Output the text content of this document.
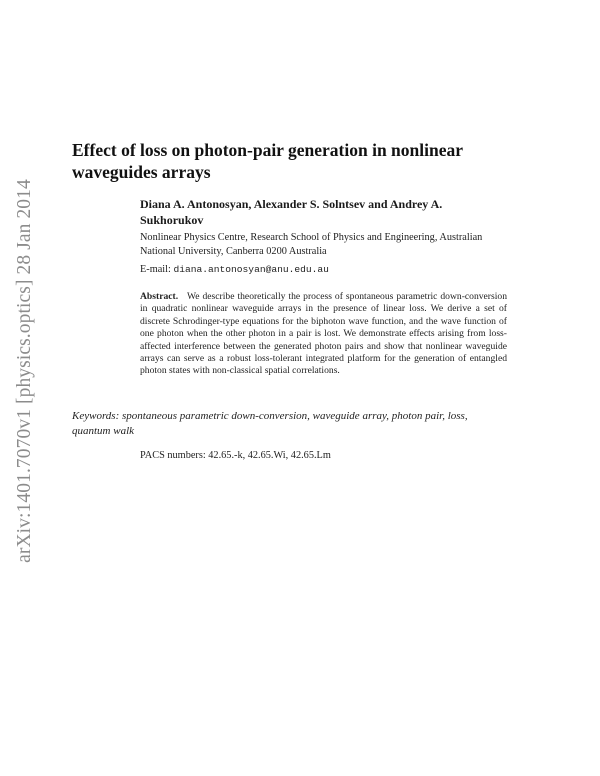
arXiv:1401.7070v1 [physics.optics] 28 Jan 2014
Effect of loss on photon-pair generation in nonlinear waveguides arrays

Diana A. Antonosyan, Alexander S. Solntsev and Andrey A. Sukhorukov

Nonlinear Physics Centre, Research School of Physics and Engineering, Australian National University, Canberra 0200 Australia

E-mail: diana.antonosyan@anu.edu.au

Abstract. We describe theoretically the process of spontaneous parametric down-conversion in quadratic nonlinear waveguide arrays in the presence of linear loss. We derive a set of discrete Schrodinger-type equations for the biphoton wave function, and the wave function of one photon when the other photon in a pair is lost. We demonstrate effects arising from loss-affected interference between the generated photon pairs and show that nonlinear waveguide arrays can serve as a robust loss-tolerant integrated platform for the generation of entangled photon states with non-classical spatial correlations.

Keywords: spontaneous parametric down-conversion, waveguide array, photon pair, loss, quantum walk

PACS numbers: 42.65.-k, 42.65.Wi, 42.65.Lm
